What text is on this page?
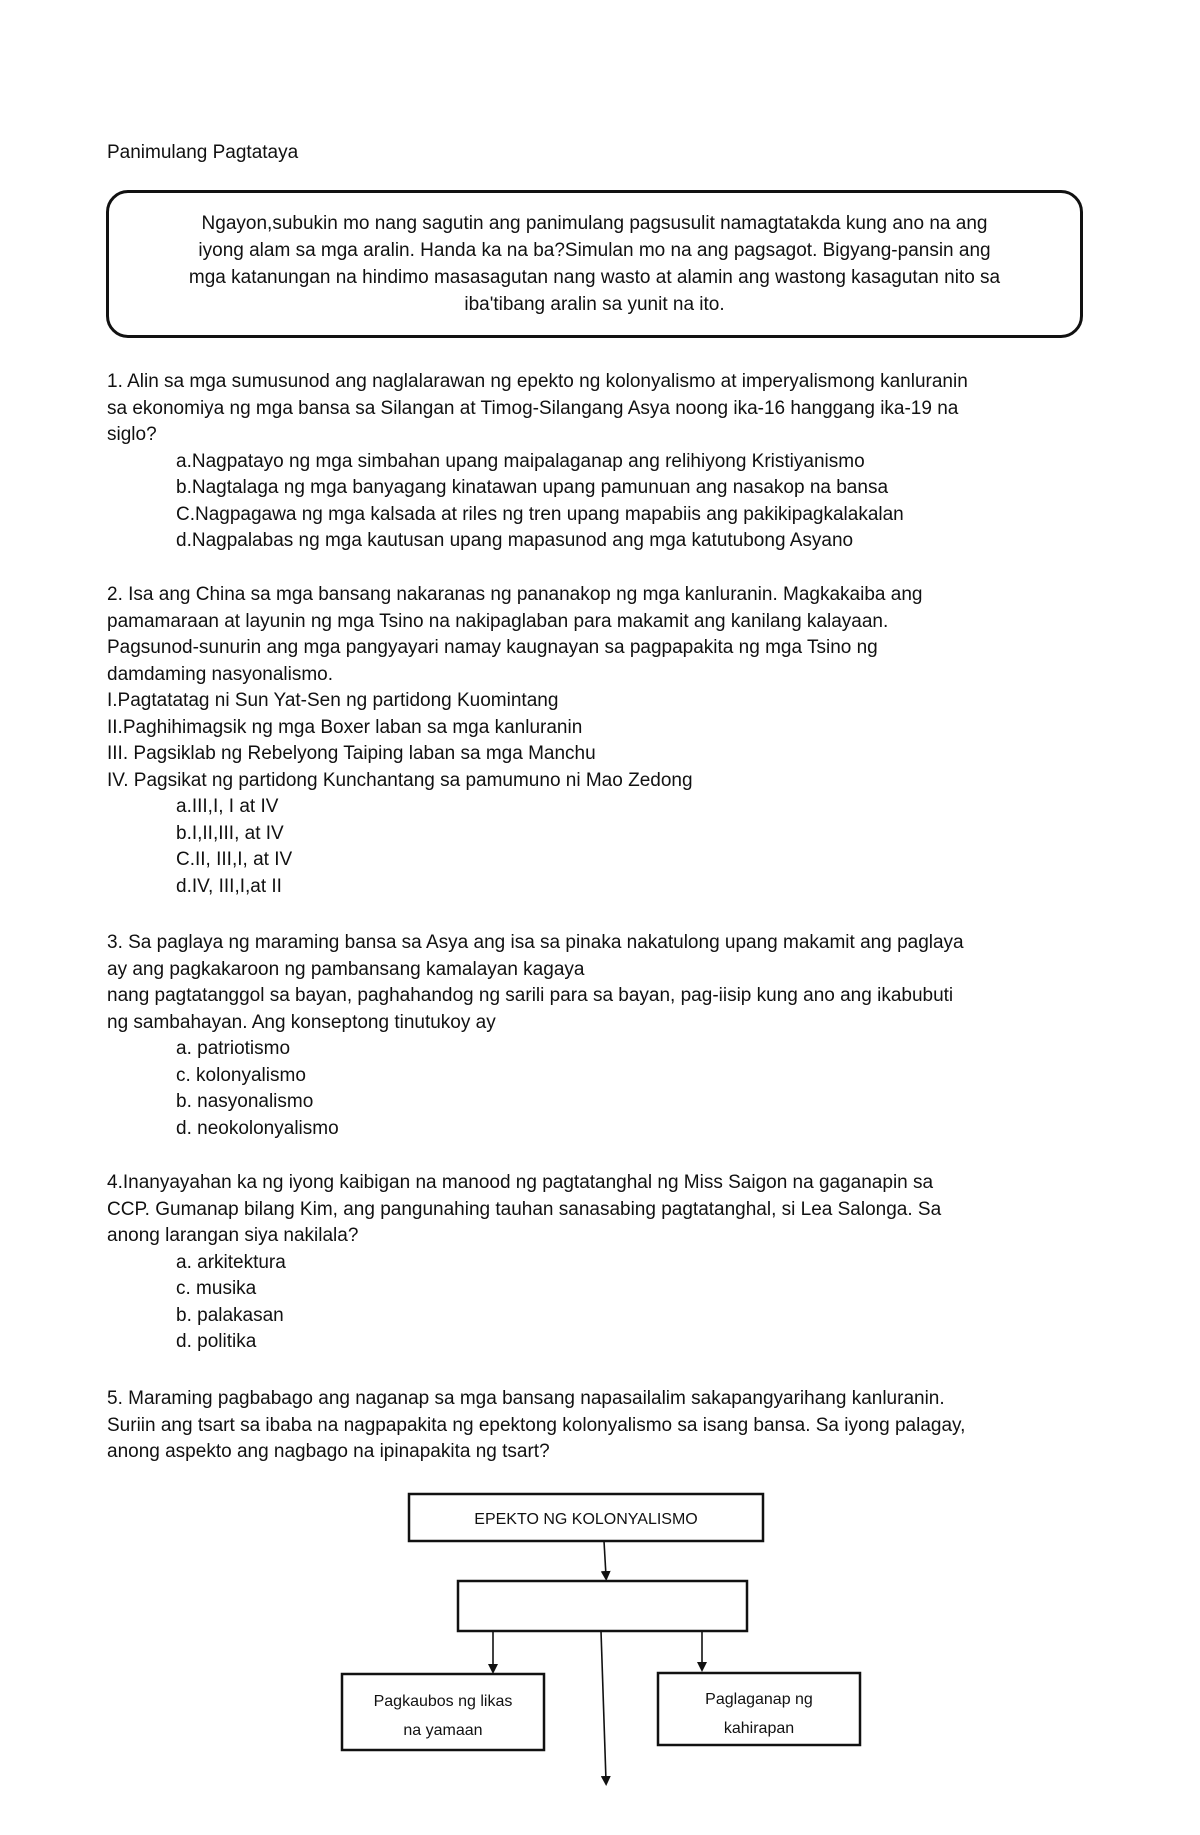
Panimulang Pagtataya
Ngayon,subukin mo nang sagutin ang panimulang pagsusulit namagtatakda kung ano na ang
iyong alam sa mga aralin. Handa ka na ba?Simulan mo na ang pagsagot. Bigyang-pansin ang
mga katanungan na hindimo masasagutan nang wasto at alamin ang wastong kasagutan nito sa
iba'tibang aralin sa yunit na ito.
1. Alin sa mga sumusunod ang naglalarawan ng epekto ng kolonyalismo at imperyalismong kanluranin
sa ekonomiya ng mga bansa sa Silangan at Timog-Silangang Asya noong ika-16 hanggang ika-19 na
siglo?
a.Nagpatayo ng mga simbahan upang maipalaganap ang relihiyong Kristiyanismo
b.Nagtalaga ng mga banyagang kinatawan upang pamunuan ang nasakop na bansa
C.Nagpagawa ng mga kalsada at riles ng tren upang mapabiis ang pakikipagkalakalan
d.Nagpalabas ng mga kautusan upang mapasunod ang mga katutubong Asyano
2. Isa ang China sa mga bansang nakaranas ng pananakop ng mga kanluranin. Magkakaiba ang
pamamaraan at layunin ng mga Tsino na nakipaglaban para makamit ang kanilang kalayaan.
Pagsunod-sunurin ang mga pangyayari namay kaugnayan sa pagpapakita ng mga Tsino ng
damdaming nasyonalismo.
I.Pagtatatag ni Sun Yat-Sen ng partidong Kuomintang
II.Paghihimagsik ng mga Boxer laban sa mga kanluranin
III. Pagsiklab ng Rebelyong Taiping laban sa mga Manchu
IV. Pagsikat ng partidong Kunchantang sa pamumuno ni Mao Zedong
a.III,I, I at IV
b.I,II,III, at IV
C.II, III,I, at IV
d.IV, III,I,at II
3. Sa paglaya ng maraming bansa sa Asya ang isa sa pinaka nakatulong upang makamit ang paglaya
ay ang pagkakaroon ng pambansang kamalayan kagaya
nang pagtatanggol sa bayan, paghahandog ng sarili para sa bayan, pag-iisip kung ano ang ikabubuti
ng sambahayan. Ang konseptong tinutukoy ay
a. patriotismo
c. kolonyalismo
b. nasyonalismo
d. neokolonyalismo
4.Inanyayahan ka ng iyong kaibigan na manood ng pagtatanghal ng Miss Saigon na gaganapin sa
CCP. Gumanap bilang Kim, ang pangunahing tauhan sanasabing pagtatanghal, si Lea Salonga. Sa
anong larangan siya nakilala?
a. arkitektura
c. musika
b. palakasan
d. politika
5. Maraming pagbabago ang naganap sa mga bansang napasailalim sakapangyarihang kanluranin.
Suriin ang tsart sa ibaba na nagpapakita ng epektong kolonyalismo sa isang bansa. Sa iyong palagay,
anong aspekto ang nagbago na ipinapakita ng tsart?
EPEKTO NG KOLONYALISMO
Pagkaubos ng likas
na yamaan
Paglaganap ng
kahirapan
